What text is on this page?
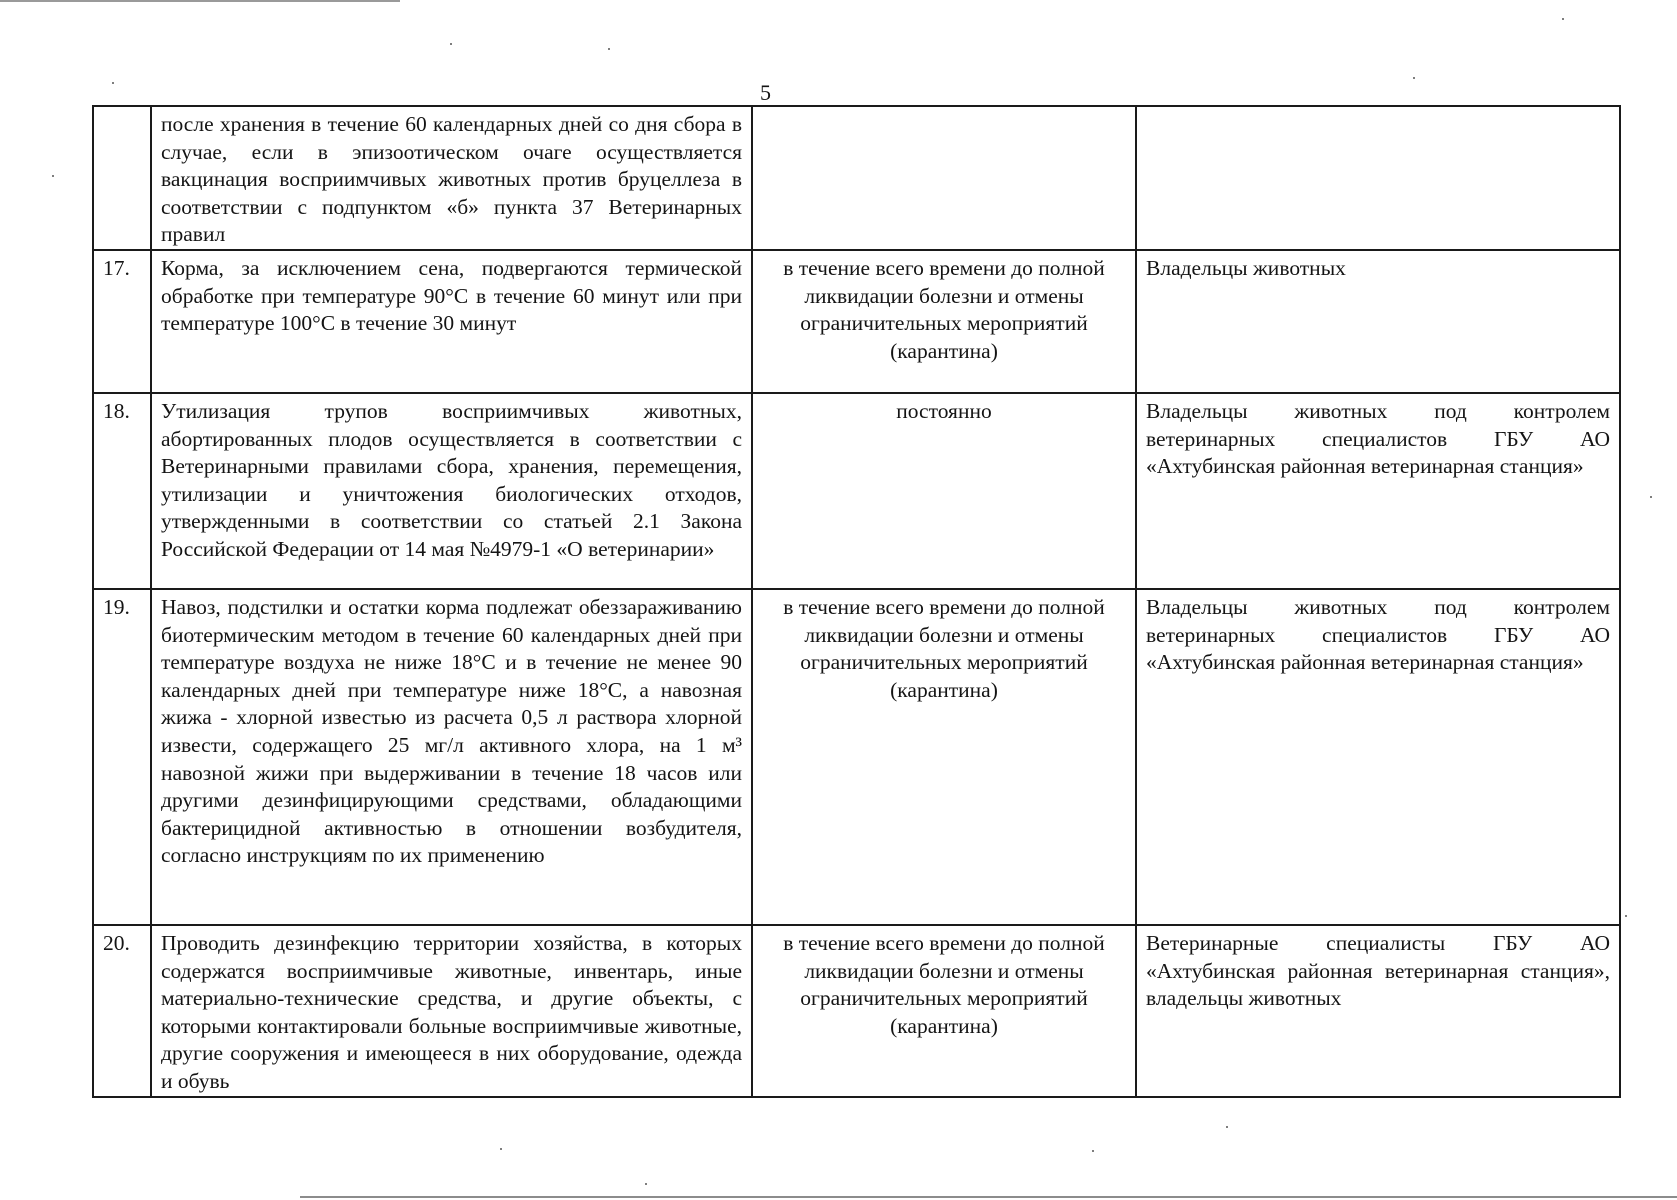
5
	после хранения в течение 60 календарных дней со дня сбора в случае, если в эпизоотическом очаге осуществляется вакцинация восприимчивых животных против бруцеллеза в соответствии с подпунктом «б» пункта 37 Ветеринарных правил		
17.	Корма, за исключением сена, подвергаются термической обработке при температуре 90°С в течение 60 минут или при температуре 100°С в течение 30 минут	в течение всего времени до полной ликвидации болезни и отмены ограничительных мероприятий (карантина)	Владельцы животных
18.	Утилизация трупов восприимчивых животных, абортированных плодов осуществляется в соответствии с Ветеринарными правилами сбора, хранения, перемещения, утилизации и уничтожения биологических отходов, утвержденными в соответствии со статьей 2.1 Закона Российской Федерации от 14 мая №4979-1 «О ветеринарии»	постоянно	Владельцы животных под контролем ветеринарных специалистов ГБУ АО «Ахтубинская районная ветеринарная станция»
19.	Навоз, подстилки и остатки корма подлежат обеззараживанию биотермическим методом в течение 60 календарных дней при температуре воздуха не ниже 18°С и в течение не менее 90 календарных дней при температуре ниже 18°С, а навозная жижа - хлорной известью из расчета 0,5 л раствора хлорной извести, содержащего 25 мг/л активного хлора, на 1 м³ навозной жижи при выдерживании в течение 18 часов или другими дезинфицирующими средствами, обладающими бактерицидной активностью в отношении возбудителя, согласно инструкциям по их применению	в течение всего времени до полной ликвидации болезни и отмены ограничительных мероприятий (карантина)	Владельцы животных под контролем ветеринарных специалистов ГБУ АО «Ахтубинская районная ветеринарная станция»
20.	Проводить дезинфекцию территории хозяйства, в которых содержатся восприимчивые животные, инвентарь, иные материально-технические средства, и другие объекты, с которыми контактировали больные восприимчивые животные, другие сооружения и имеющееся в них оборудование, одежда и обувь	в течение всего времени до полной ликвидации болезни и отмены ограничительных мероприятий (карантина)	Ветеринарные специалисты ГБУ АО «Ахтубинская районная ветеринарная станция», владельцы животных
